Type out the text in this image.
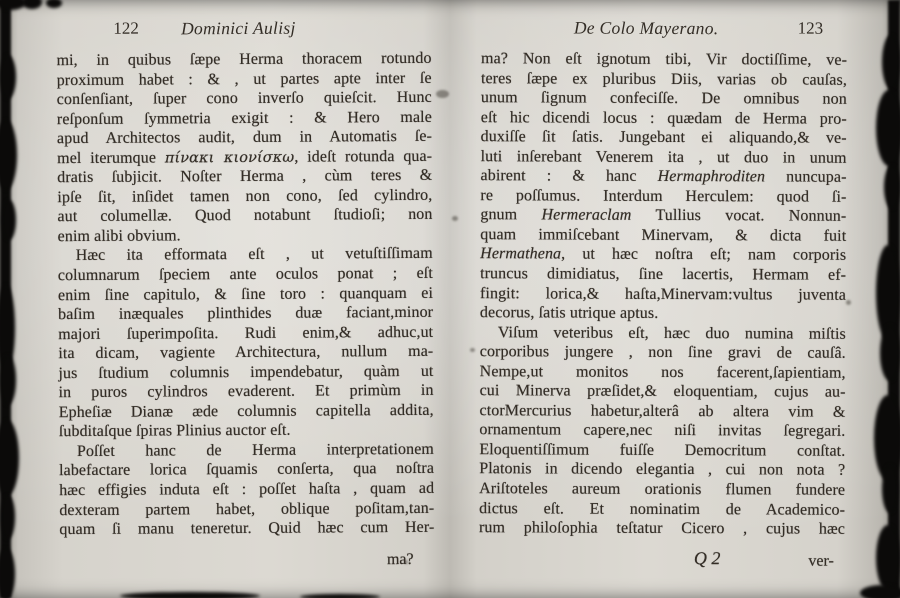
122	Dominici Aulisj
mi, in quibus ſæpe Herma thoracem rotundo
proximum habet : & , ut partes apte inter ſe
conſenſiant, ſuper cono inverſo quieſcit. Hunc
reſponſum ſymmetria exigit : & Hero male
apud Architectos audit, dum in Automatis ſe-
mel iterumque πίνακι κιονίσκω, ideſt rotunda qua-
dratis ſubjicit. Noſter Herma , cùm teres &
ipſe ſit, inſidet tamen non cono, ſed cylindro,
aut columellæ. Quod notabunt ſtudioſi; non
enim alibi obvium.
Hæc ita efformata eſt , ut vetuſtiſſimam
columnarum ſpeciem ante oculos ponat ; eſt
enim ſine capitulo, & ſine toro : quanquam ei
baſim inæquales plinthides duæ faciant,minor
majori ſuperimpoſita. Rudi enim,& adhuc,ut
ita dicam, vagiente Architectura, nullum ma-
jus ſtudium columnis impendebatur, quàm ut
in puros cylindros evaderent. Et primùm in
Epheſiæ Dianæ æde columnis capitella addita,
ſubditaſque ſpiras Plinius auctor eſt.
Poſſet hanc de Herma interpretationem
labefactare lorica ſquamis conſerta, qua noſtra
hæc effigies induta eſt : poſſet haſta , quam ad
dexteram partem habet, oblique poſitam,tan-
quam ſi manu teneretur. Quid hæc cum Her-
ma?
De Colo Mayerano.	123
ma? Non eſt ignotum tibi, Vir doctiſſime, ve-
teres ſæpe ex pluribus Diis, varias ob cauſas,
unum ſignum confeciſſe. De omnibus non
eſt hic dicendi locus : quædam de Herma pro-
duxiſſe ſit ſatis. Jungebant ei aliquando,& ve-
luti inſerebant Venerem ita , ut duo in unum
abirent : & hanc Hermaphroditen nuncupa-
re poſſumus. Interdum Herculem: quod ſi-
gnum Hermeraclam Tullius vocat. Nonnun-
quam immiſcebant Minervam, & dicta fuit
Hermathena, ut hæc noſtra eſt; nam corporis
truncus dimidiatus, ſine lacertis, Hermam ef-
fingit: lorica,& haſta,Minervam:vultus juventa
decorus, ſatis utrique aptus.
Viſum veteribus eſt, hæc duo numina miſtis
corporibus jungere , non ſine gravi de cauſâ.
Nempe,ut monitos nos facerent,ſapientiam,
cui Minerva præſidet,& eloquentiam, cujus au-
ctorMercurius habetur,alterâ ab altera vim &
ornamentum capere,nec niſi invitas ſegregari.
Eloquentiſſimum fuiſſe Democritum conſtat.
Platonis in dicendo elegantia , cui non nota ?
Ariſtoteles aureum orationis flumen fundere
dictus eſt. Et nominatim de Academico-
rum philoſophia teſtatur Cicero , cujus hæc
Q 2	ver-
